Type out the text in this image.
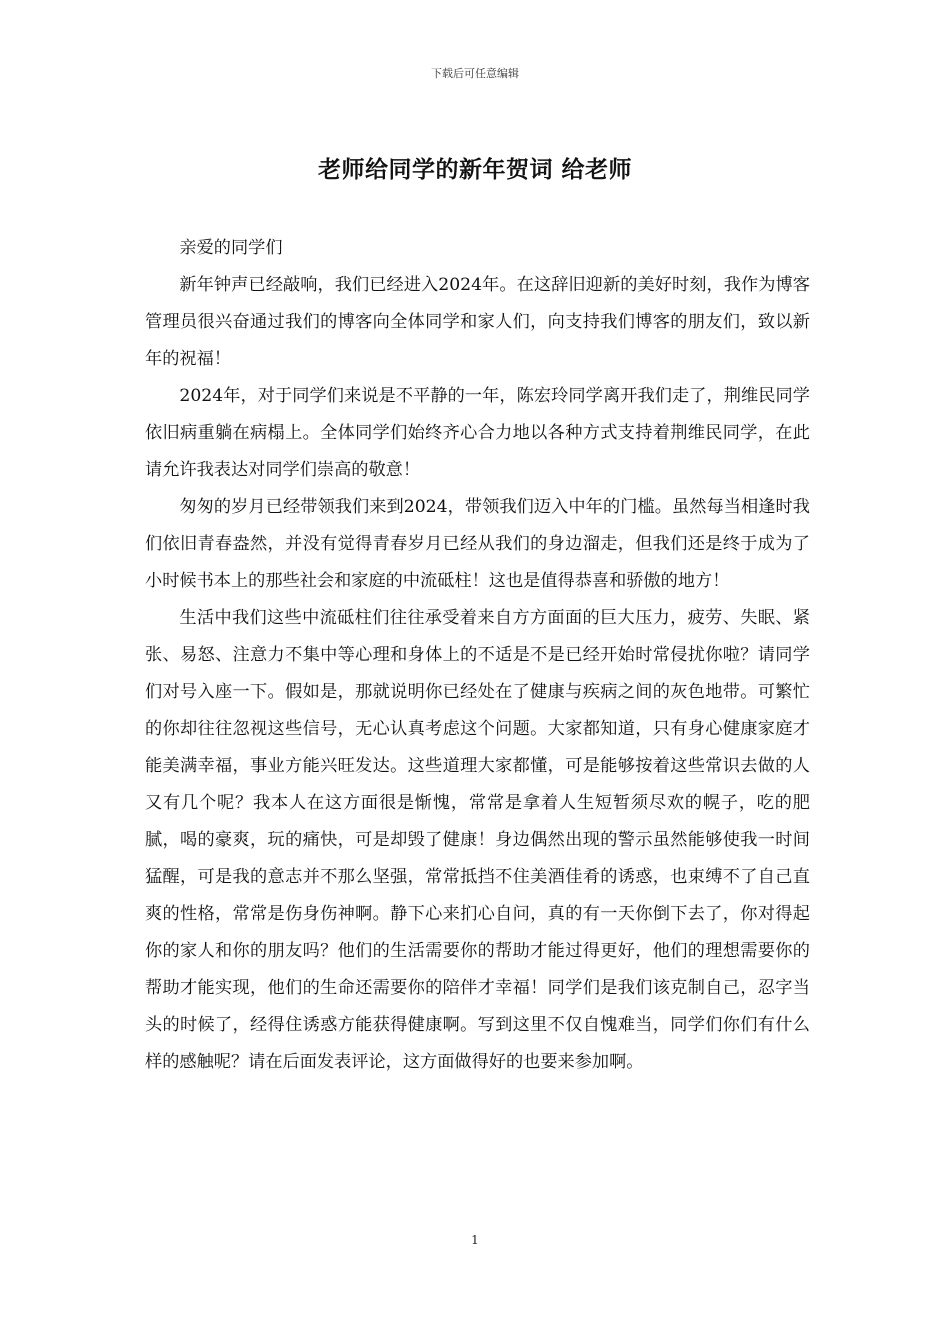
下载后可任意编辑
老师给同学的新年贺词 给老师

亲爱的同学们

新年钟声已经敲响，我们已经进入2024年。在这辞旧迎新的美好时刻，我作为博客管理员很兴奋通过我们的博客向全体同学和家人们，向支持我们博客的朋友们，致以新年的祝福！

2024年，对于同学们来说是不平静的一年，陈宏玲同学离开我们走了，荆维民同学依旧病重躺在病榻上。全体同学们始终齐心合力地以各种方式支持着荆维民同学，在此请允许我表达对同学们崇高的敬意！

匆匆的岁月已经带领我们来到2024，带领我们迈入中年的门槛。虽然每当相逢时我们依旧青春盎然，并没有觉得青春岁月已经从我们的身边溜走，但我们还是终于成为了小时候书本上的那些社会和家庭的中流砥柱！这也是值得恭喜和骄傲的地方！

生活中我们这些中流砥柱们往往承受着来自方方面面的巨大压力，疲劳、失眠、紧张、易怒、注意力不集中等心理和身体上的不适是不是已经开始时常侵扰你啦？请同学们对号入座一下。假如是，那就说明你已经处在了健康与疾病之间的灰色地带。可繁忙的你却往往忽视这些信号，无心认真考虑这个问题。大家都知道，只有身心健康家庭才能美满幸福，事业方能兴旺发达。这些道理大家都懂，可是能够按着这些常识去做的人又有几个呢？我本人在这方面很是惭愧，常常是拿着人生短暂须尽欢的幌子，吃的肥腻，喝的豪爽，玩的痛快，可是却毁了健康！身边偶然出现的警示虽然能够使我一时间猛醒，可是我的意志并不那么坚强，常常抵挡不住美酒佳肴的诱惑，也束缚不了自己直爽的性格，常常是伤身伤神啊。静下心来扪心自问，真的有一天你倒下去了，你对得起你的家人和你的朋友吗？他们的生活需要你的帮助才能过得更好，他们的理想需要你的帮助才能实现，他们的生命还需要你的陪伴才幸福！同学们是我们该克制自己，忍字当头的时候了，经得住诱惑方能获得健康啊。写到这里不仅自愧难当，同学们你们有什么样的感触呢？请在后面发表评论，这方面做得好的也要来参加啊。

1
